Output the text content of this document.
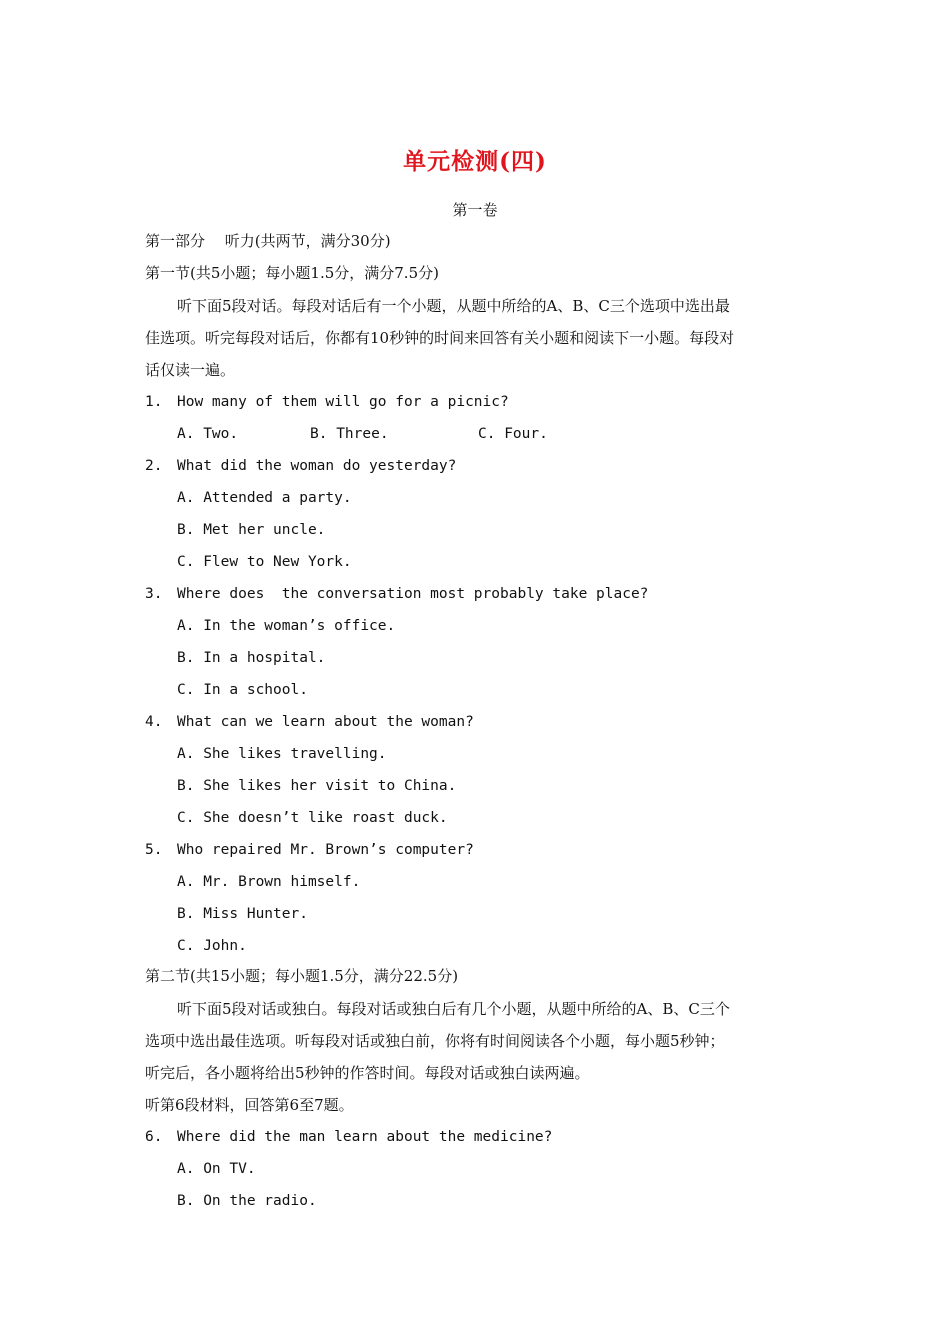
单元检测(四)
第一卷
第一部分　 听力(共两节，满分30分)
第一节(共5小题；每小题1.5分，满分7.5分)
听下面5段对话。每段对话后有一个小题，从题中所给的A、B、C三个选项中选出最
佳选项。听完每段对话后，你都有10秒钟的时间来回答有关小题和阅读下一小题。每段对
话仅读一遍。
1. How many of them will go for a picnic?
A. Two.	B. Three.	C. Four.
2. What did the woman do yesterday?
A. Attended a party.
B. Met her uncle.
C. Flew to New York.
3. Where does  the conversation most probably take place?
A. In the woman’s office.
B. In a hospital.
C. In a school.
4. What can we learn about the woman?
A. She likes travelling.
B. She likes her visit to China.
C. She doesn’t like roast duck.
5. Who repaired Mr. Brown’s computer?
A. Mr. Brown himself.
B. Miss Hunter.
C. John.
第二节(共15小题；每小题1.5分，满分22.5分)
听下面5段对话或独白。每段对话或独白后有几个小题，从题中所给的A、B、C三个
选项中选出最佳选项。听每段对话或独白前，你将有时间阅读各个小题，每小题5秒钟；
听完后，各小题将给出5秒钟的作答时间。每段对话或独白读两遍。
听第6段材料，回答第6至7题。
6. Where did the man learn about the medicine?
A. On TV.
B. On the radio.
